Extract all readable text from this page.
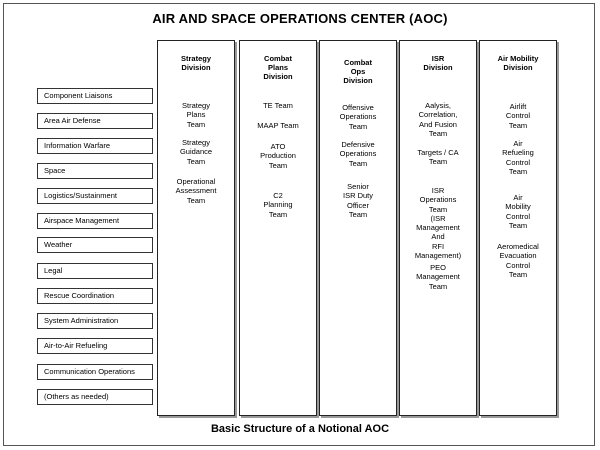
AIR AND SPACE OPERATIONS CENTER (AOC)
Component Liaisons
Area Air Defense
Information Warfare
Space
Logistics/Sustainment
Airspace Management
Weather
Legal
Rescue Coordination
System Administration
Air-to-Air Refueling
Communication Operations
(Others as needed)
Strategy
Division
Strategy
Plans
Team
Strategy
Guidance
Team
Operational
Assessment
Team
Combat
Plans
Division
TE Team
MAAP Team
ATO
Production
Team
C2
Planning
Team
Combat
Ops
Division
Offensive
Operations
Team
Defensive
Operations
Team
Senior
ISR Duty
Officer
Team
ISR
Division
Aalysis,
Correlation,
And Fusion
Team
Targets / CA
Team
ISR
Operations
Team
(ISR
Management
And
RFI
Management)
PEO
Management
Team
Air Mobility
Division
Airlift
Control
Team
Air
Refueling
Control
Team
Air
Mobility
Control
Team
Aeromedical
Evacuation
Control
Team
Basic Structure of a Notional AOC
